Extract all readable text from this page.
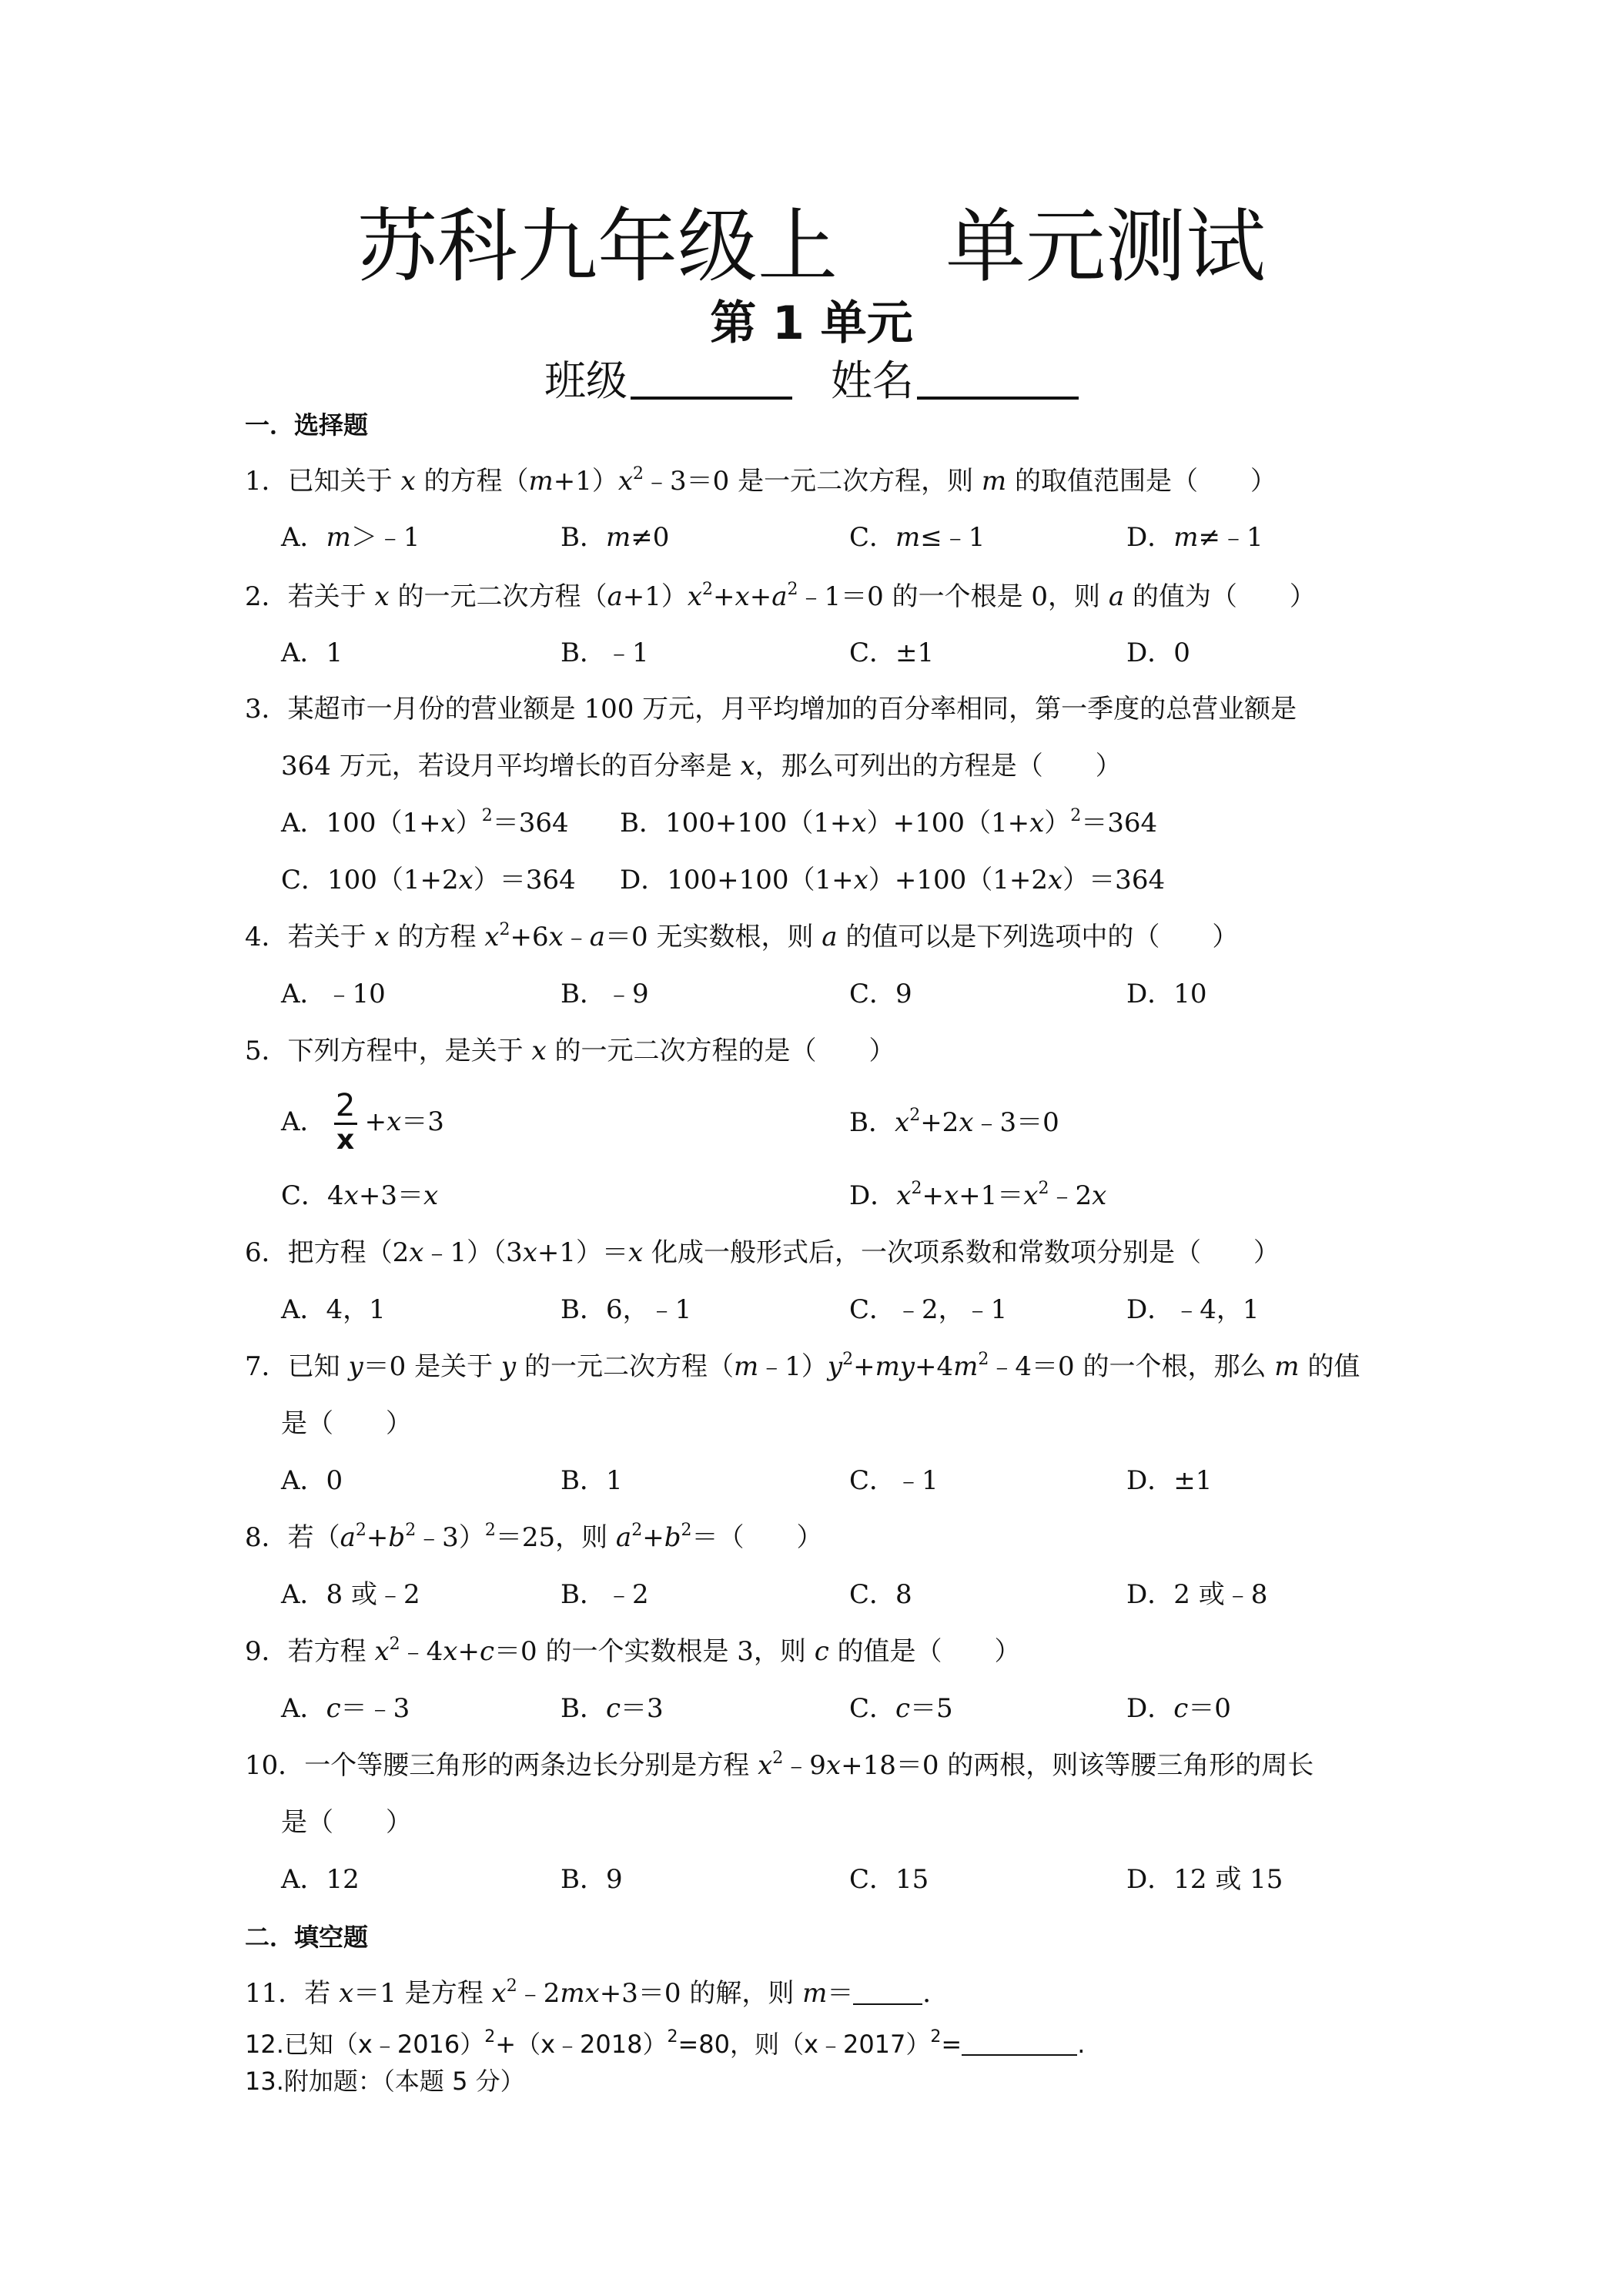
苏科九年级上 单元测试
第 1 单元
班级	姓名
一．选择题
1．已知关于 x 的方程$(m+1)x^2﹣3=0$ 是一元二次方程，则 m 的取值范围是（　　）
A．m＞﹣1	B．m≠0	C．m≤﹣1	D．m≠﹣1
2．若关于 x 的一元二次方程$(a+1)x^2+x+a^2﹣1=0$ 的一个根是 0，则 a 的值为（　　）
A．1	B．﹣1	C．±1	D．0
3．某超市一月份的营业额是 100 万元，月平均增加的百分率相同，第一季度的总营业额是
364 万元，若设月平均增长的百分率是 x，那么可列出的方程是（　　）
A．$100(1+x)^2=364$ B．$100+100(1+x)+100(1+x)^2=364$
C．100（1+2x）＝364 D．100+100（1+x）+100（1+2x）＝364
4．若关于 x 的方程 $x^2+6x﹣a=0$ 无实数根，则 a 的值可以是下列选项中的（　　）
A．﹣10	B．﹣9	C．9	D．10
5．下列方程中，是关于 x 的一元二次方程的是（　　）
A． $\frac{2}{x} + x =3$	B．$x^2+2x﹣3=0$
C．4x+3＝x	D．$x^2+x+1=x^2﹣2x$
6．把方程（2x﹣1）（3x+1）＝x 化成一般形式后，一次项系数和常数项分别是（　　）
A．4，1	B．6，﹣1	C．﹣2，﹣1	D．﹣4，1
7．已知 y＝0 是关于 y 的一元二次方程$(m﹣1)y^2+my+4m^2﹣4=0$ 的一个根，那么 m 的值
是（　　）
A．0	B．1	C．﹣1	D．±1
8．若$(a^2+b^2﹣3)^2=25$，则 $a^2+b^2=$（　　）
A．8 或﹣2	B．﹣2	C．8	D．2 或﹣8
9．若方程 $x^2﹣4x+c=0$ 的一个实数根是 3，则 c 的值是（　　）
A．c＝﹣3	B．c＝3	C．c＝5	D．c＝0
10．一个等腰三角形的两条边长分别是方程 $x^2﹣9x+18=0$ 的两根，则该等腰三角形的周长
是（　　）
A．12	B．9	C．15	D．12 或 15
二．填空题
11．若 x＝1 是方程 $x^2﹣2mx+3=0$ 的解，则 m＝	．
12.已知（x﹣2016）$^2$+（x﹣2018）$^2$=80，则（x﹣2017）$^2$=	.
13.附加题：（本题 5 分）
